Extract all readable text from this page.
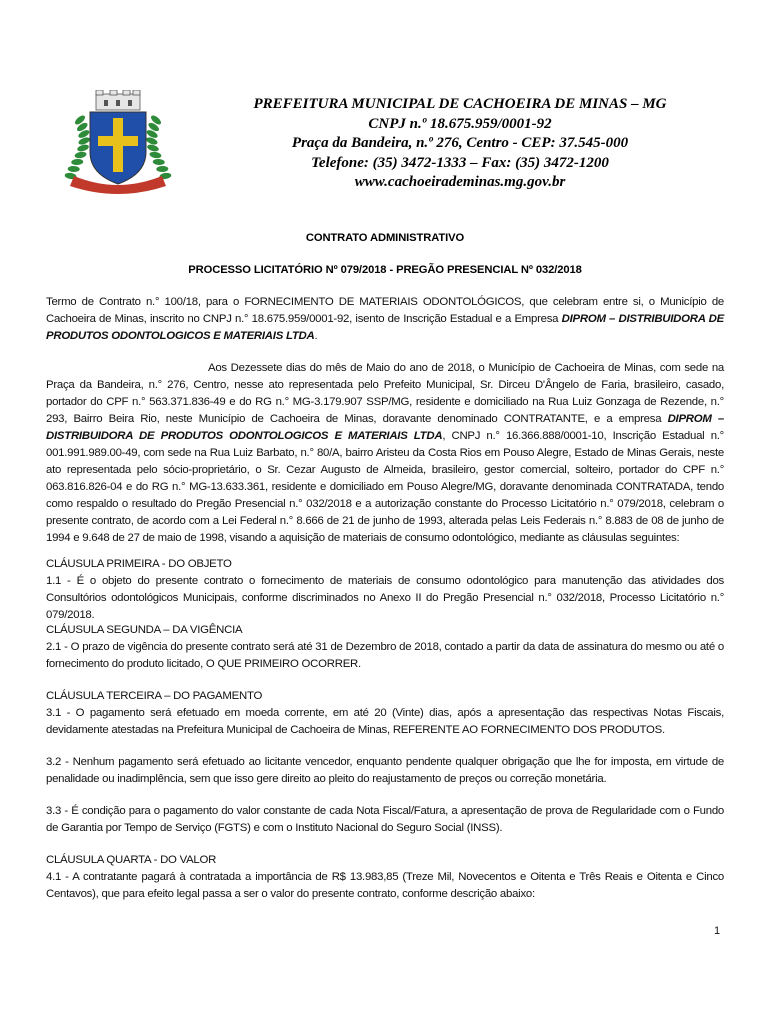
PREFEITURA MUNICIPAL DE CACHOEIRA DE MINAS – MG
CNPJ n.º 18.675.959/0001-92
Praça da Bandeira, n.º 276, Centro - CEP: 37.545-000
Telefone: (35) 3472-1333 – Fax: (35) 3472-1200
www.cachoeirademinas.mg.gov.br
CONTRATO ADMINISTRATIVO
PROCESSO LICITATÓRIO Nº 079/2018 - PREGÃO PRESENCIAL Nº 032/2018

Termo de Contrato n.° 100/18, para o FORNECIMENTO DE MATERIAIS ODONTOLÓGICOS, que celebram entre si, o Município de Cachoeira de Minas, inscrito no CNPJ n.° 18.675.959/0001-92, isento de Inscrição Estadual e a Empresa DIPROM – DISTRIBUIDORA DE PRODUTOS ODONTOLOGICOS E MATERIAIS LTDA.

Aos Dezessete dias do mês de Maio do ano de 2018, o Município de Cachoeira de Minas, com sede na Praça da Bandeira, n.° 276, Centro, nesse ato representada pelo Prefeito Municipal, Sr. Dirceu D'Ângelo de Faria, brasileiro, casado, portador do CPF n.° 563.371.836-49 e do RG n.° MG-3.179.907 SSP/MG, residente e domiciliado na Rua Luiz Gonzaga de Rezende, n.° 293, Bairro Beira Rio, neste Município de Cachoeira de Minas, doravante denominado CONTRATANTE, e a empresa DIPROM – DISTRIBUIDORA DE PRODUTOS ODONTOLOGICOS E MATERIAIS LTDA, CNPJ n.° 16.366.888/0001-10, Inscrição Estadual n.° 001.991.989.00-49, com sede na Rua Luiz Barbato, n.° 80/A, bairro Aristeu da Costa Rios em Pouso Alegre, Estado de Minas Gerais, neste ato representada pelo sócio-proprietário, o Sr. Cezar Augusto de Almeida, brasileiro, gestor comercial, solteiro, portador do CPF n.° 063.816.826-04 e do RG n.° MG-13.633.361, residente e domiciliado em Pouso Alegre/MG, doravante denominada CONTRATADA, tendo como respaldo o resultado do Pregão Presencial n.° 032/2018 e a autorização constante do Processo Licitatório n.° 079/2018, celebram o presente contrato, de acordo com a Lei Federal n.° 8.666 de 21 de junho de 1993, alterada pelas Leis Federais n.° 8.883 de 08 de junho de 1994 e 9.648 de 27 de maio de 1998, visando a aquisição de materiais de consumo odontológico, mediante as cláusulas seguintes:

CLÁUSULA PRIMEIRA - DO OBJETO
1.1 - É o objeto do presente contrato o fornecimento de materiais de consumo odontológico para manutenção das atividades dos Consultórios odontológicos Municipais, conforme discriminados no Anexo II do Pregão Presencial n.° 032/2018, Processo Licitatório n.° 079/2018.
CLÁUSULA SEGUNDA – DA VIGÊNCIA
2.1 - O prazo de vigência do presente contrato será até 31 de Dezembro de 2018, contado a partir da data de assinatura do mesmo ou até o fornecimento do produto licitado, O QUE PRIMEIRO OCORRER.
CLÁUSULA TERCEIRA – DO PAGAMENTO
3.1 - O pagamento será efetuado em moeda corrente, em até 20 (Vinte) dias, após a apresentação das respectivas Notas Fiscais, devidamente atestadas na Prefeitura Municipal de Cachoeira de Minas, REFERENTE AO FORNECIMENTO DOS PRODUTOS.
3.2 - Nenhum pagamento será efetuado ao licitante vencedor, enquanto pendente qualquer obrigação que lhe for imposta, em virtude de penalidade ou inadimplência, sem que isso gere direito ao pleito do reajustamento de preços ou correção monetária.
3.3 - É condição para o pagamento do valor constante de cada Nota Fiscal/Fatura, a apresentação de prova de Regularidade com o Fundo de Garantia por Tempo de Serviço (FGTS) e com o Instituto Nacional do Seguro Social (INSS).
CLÁUSULA QUARTA - DO VALOR
4.1 - A contratante pagará à contratada a importância de R$ 13.983,85 (Treze Mil, Novecentos e Oitenta e Três Reais e Oitenta e Cinco Centavos), que para efeito legal passa a ser o valor do presente contrato, conforme descrição abaixo:
1
